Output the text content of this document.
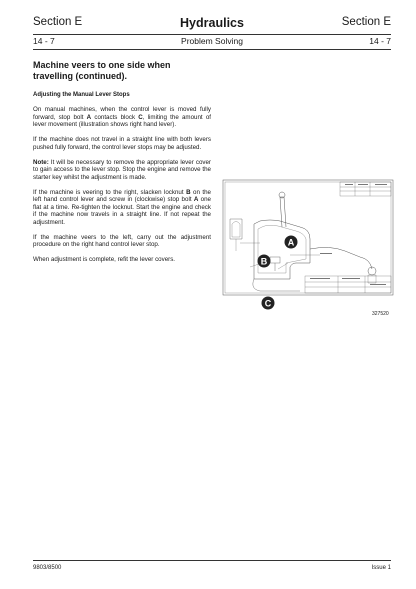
Section E	Hydraulics	Section E
14 - 7	Problem Solving	14 - 7
Machine veers to one side when travelling (continued).
Adjusting the Manual Lever Stops
On manual machines, when the control lever is moved fully forward, stop bolt A contacts block C, limiting the amount of lever movement (illustration shows right hand lever).
If the machine does not travel in a straight line with both levers pushed fully forward, the control lever stops may be adjusted.
Note: It will be necessary to remove the appropriate lever cover to gain access to the lever stop. Stop the engine and remove the starter key whilst the adjustment is made.
If the machine is veering to the right, slacken locknut B on the left hand control lever and screw in (clockwise) stop bolt A one flat at a time. Re-tighten the locknut. Start the engine and check if the machine now travels in a straight line. If not repeat the adjustment.
If the machine veers to the left, carry out the adjustment procedure on the right hand control lever stop.
When adjustment is complete, refit the lever covers.
A
B
C
327520
9803/8500	Issue 1
